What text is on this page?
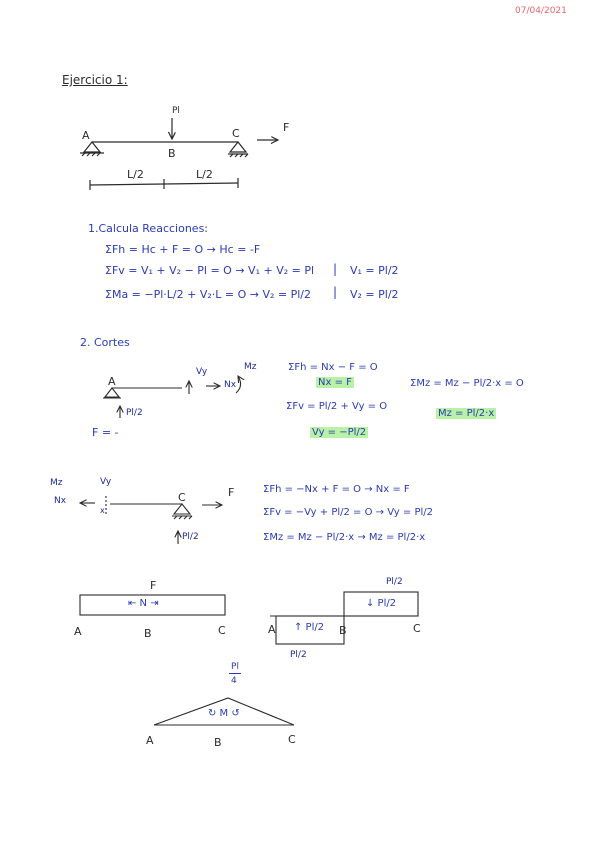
07/04/2021
Ejercicio 1:
A
B
C
Pl
F
L/2	L/2
1.Calcula Reacciones:
ΣFh = Hc + F = O → Hc = -F
ΣFv = V₁ + V₂ − Pl = O → V₁ + V₂ = Pl
ΣMa = −Pl·L/2 + V₂·L = O → V₂ = Pl/2
|
|
V₁ = Pl/2
V₂ = Pl/2
2. Cortes
A
Vy	Mz
Nx
Pl/2
F = -
ΣFh = Nx − F = O
Nx = F
ΣFv = Pl/2 + Vy = O
Vy = −Pl/2
ΣMz = Mz − Pl/2·x = O
Mz = Pl/2·x
Mz
Nx
Vy
x
C	F
Pl/2
ΣFh = −Nx + F = O → Nx = F
ΣFv = −Vy + Pl/2 = O → Vy = Pl/2
ΣMz = Mz − Pl/2·x → Mz = Pl/2·x
F
⇤ N ⇥
A	B	C
Pl/2
Pl/2
↑ Pl/2
↓ Pl/2
A	B	C
Pl
4
↻ M ↺
A	B	C
